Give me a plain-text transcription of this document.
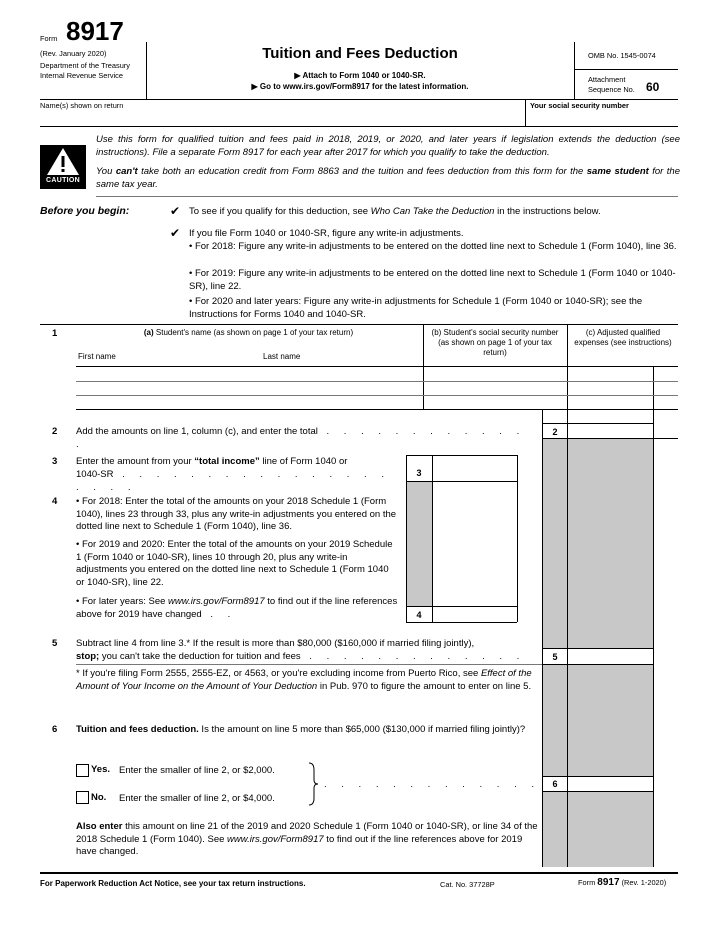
Form 8917
(Rev. January 2020)
Department of the Treasury
Internal Revenue Service
Tuition and Fees Deduction
▶ Attach to Form 1040 or 1040-SR.
▶ Go to www.irs.gov/Form8917 for the latest information.
OMB No. 1545-0074
Attachment
Sequence No. 60
Name(s) shown on return	Your social security number
CAUTION
Use this form for qualified tuition and fees paid in 2018, 2019, or 2020, and later years if legislation extends the deduction (see instructions). File a separate Form 8917 for each year after 2017 for which you qualify to take the deduction.
You can't take both an education credit from Form 8863 and the tuition and fees deduction from this form for the same student for the same tax year.
Before you begin:	✔ To see if you qualify for this deduction, see Who Can Take the Deduction in the instructions below.
✔ If you file Form 1040 or 1040-SR, figure any write-in adjustments.
• For 2018: Figure any write-in adjustments to be entered on the dotted line next to Schedule 1 (Form 1040), line 36.
• For 2019: Figure any write-in adjustments to be entered on the dotted line next to Schedule 1 (Form 1040 or 1040-SR), line 22.
• For 2020 and later years: Figure any write-in adjustments for Schedule 1 (Form 1040 or 1040-SR); see the Instructions for Forms 1040 and 1040-SR.
1	(a) Student's name (as shown on page 1 of your tax return)
First name	Last name
(b) Student's social security number (as shown on page 1 of your tax return)
(c) Adjusted qualified expenses (see instructions)
2 Add the amounts on line 1, column (c), and enter the total . . . . . . . . . . . . .
2
3 Enter the amount from your “total income” line of Form 1040 or
1040-SR . . . . . . . . . . . . . . . . . . . .
3
4 • For 2018: Enter the total of the amounts on your 2018 Schedule 1 (Form 1040), lines 23 through 33, plus any write-in adjustments you entered on the dotted line next to Schedule 1 (Form 1040), line 36.
• For 2019 and 2020: Enter the total of the amounts on your 2019 Schedule 1 (Form 1040 or 1040-SR), lines 10 through 20, plus any write-in adjustments you entered on the dotted line next to Schedule 1 (Form 1040 or 1040-SR), line 22.
• For later years: See www.irs.gov/Form8917 to find out if the line references above for 2019 have changed . .	4
5 Subtract line 4 from line 3.* If the result is more than $80,000 ($160,000 if married filing jointly),
stop; you can't take the deduction for tuition and fees . . . . . . . . . . . . .	5
* If you're filing Form 2555, 2555-EZ, or 4563, or you're excluding income from Puerto Rico, see Effect of the Amount of Your Income on the Amount of Your Deduction in Pub. 970 to figure the amount to enter on line 5.
6 Tuition and fees deduction. Is the amount on line 5 more than $65,000 ($130,000 if married filing jointly)?
Yes. Enter the smaller of line 2, or $2,000.
No. Enter the smaller of line 2, or $4,000.
. . . . . . . . . . . . .	6
Also enter this amount on line 21 of the 2019 and 2020 Schedule 1 (Form 1040 or 1040-SR), or line 34 of the 2018 Schedule 1 (Form 1040). See www.irs.gov/Form8917 to find out if the line references above for 2019 have changed.
For Paperwork Reduction Act Notice, see your tax return instructions.	Cat. No. 37728P	Form 8917 (Rev. 1-2020)
